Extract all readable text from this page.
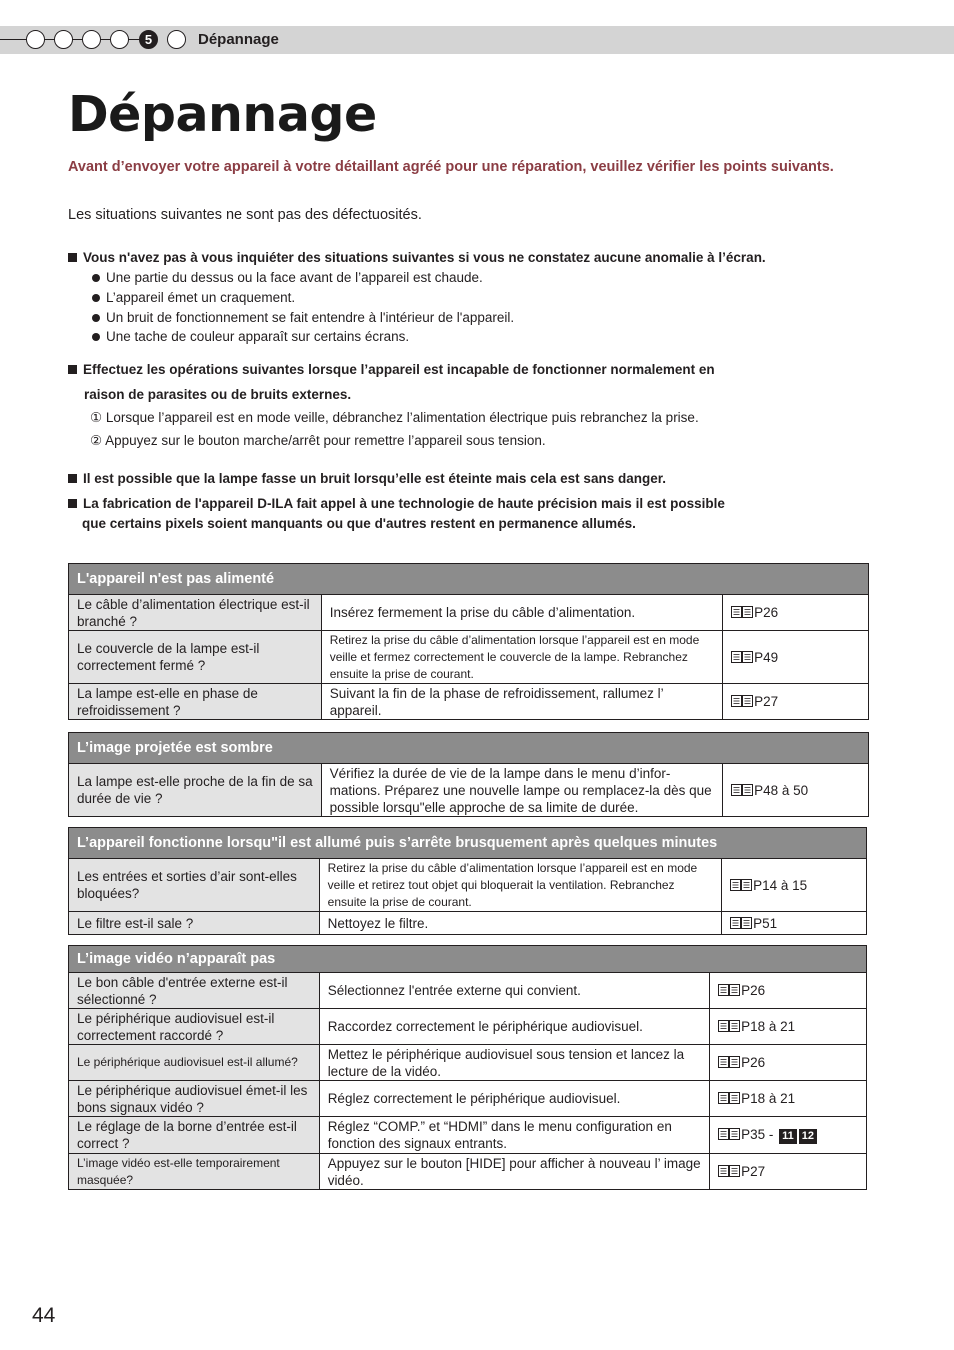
5	Dépannage
Dépannage

Avant d’envoyer votre appareil à votre détaillant agréé pour une réparation, veuillez vérifier les points suivants.

Les situations suivantes ne sont pas des défectuosités.

Vous n'avez pas à vous inquiéter des situations suivantes si vous ne constatez aucune anomalie à l’écran.
Une partie du dessus ou la face avant de l’appareil est chaude.
L’appareil émet un craquement.
Un bruit de fonctionnement se fait entendre à l'intérieur de l'appareil.
Une tache de couleur apparaît sur certains écrans.
Effectuez les opérations suivantes lorsque l’appareil est incapable de fonctionner normalement en
raison de parasites ou de bruits externes.
① Lorsque l’appareil est en mode veille, débranchez l’alimentation électrique puis rebranchez la prise.
② Appuyez sur le bouton marche/arrêt pour remettre l’appareil sous tension.
Il est possible que la lampe fasse un bruit lorsqu’elle est éteinte mais cela est sans danger.
La fabrication de l'appareil D-ILA fait appel à une technologie de haute précision mais il est possible
que certains pixels soient manquants ou que d'autres restent en permanence allumés.
L'appareil n'est pas alimenté		
Le câble d’alimentation électrique est-il branché ?	Insérez fermement la prise du câble d’alimentation.	P26
Le couvercle de la lampe est-il correctement fermé ?	Retirez la prise du câble d’alimentation lorsque l’appareil est en mode veille et fermez correctement le couvercle de la lampe. Rebranchez ensuite la prise de courant.	P49
La lampe est-elle en phase de refroidissement ?	Suivant la fin de la phase de refroidissement, rallumez l’ appareil.	P27
L’image projetée est sombre
La lampe est-elle proche de la fin de sa durée de vie ?	Vérifiez la durée de vie de la lampe dans le menu d’infor-mations. Préparez une nouvelle lampe ou remplacez-la dès que possible lorsqu"elle approche de sa limite de durée.	P48 à 50
L’appareil fonctionne lorsqu"il est allumé puis s’arrête brusquement après quelques minutes		
Les entrées et sorties d’air sont-elles bloquées?	Retirez la prise du câble d’alimentation lorsque l’appareil est en mode veille et retirez tout objet qui bloquerait la ventilation. Rebranchez ensuite la prise de courant.	P14 à 15
Le filtre est-il sale ?	Nettoyez le filtre.	P51
L’image vidéo n’apparaît pas		
Le bon câble d'entrée externe est-il sélectionné ?	Sélectionnez l'entrée externe qui convient.	P26
Le périphérique audiovisuel est-il correctement raccordé ?	Raccordez correctement le périphérique audiovisuel.	P18 à 21
Le périphérique audiovisuel est-il allumé?	Mettez le périphérique audiovisuel sous tension et lancez la lecture de la vidéo.	P26
Le périphérique audiovisuel émet-il les bons signaux vidéo ?	Réglez correctement le périphérique audiovisuel.	P18 à 21
Le réglage de la borne d’entrée est-il correct ?	Réglez “COMP.” et “HDMI” dans le menu configuration en fonction des signaux entrants.	P35 - 11 12
L’image vidéo est-elle temporairement masquée?	Appuyez sur le bouton [HIDE] pour afficher à nouveau l’ image vidéo.	P27
44
